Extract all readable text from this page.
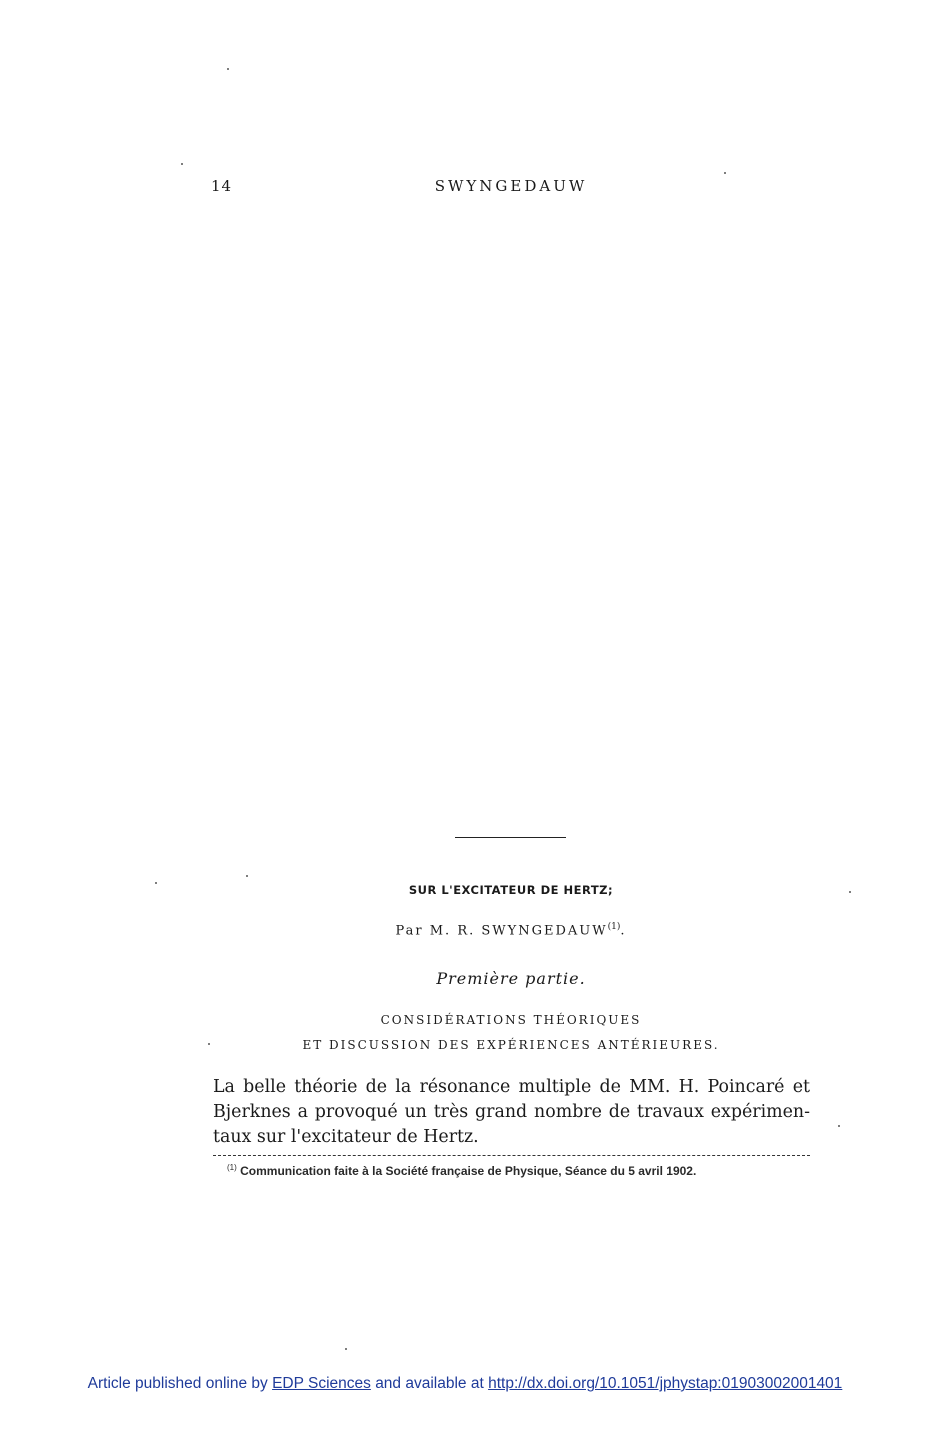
14	SWYNGEDAUW
SUR L'EXCITATEUR DE HERTZ;
Par M. R. SWYNGEDAUW$^{(1)}$.
Première partie.
CONSIDÉRATIONS THÉORIQUES
ET DISCUSSION DES EXPÉRIENCES ANTÉRIEURES.
La belle théorie de la résonance multiple de MM. H. Poincaré et
Bjerknes a provoqué un très grand nombre de travaux expérimen-
taux sur l'excitateur de Hertz.
$^{(1)}$ Communication faite à la Société française de Physique, Séance du 5 avril 1902.
Article published online by EDP Sciences and available at http://dx.doi.org/10.1051/jphystap:01903002001401
